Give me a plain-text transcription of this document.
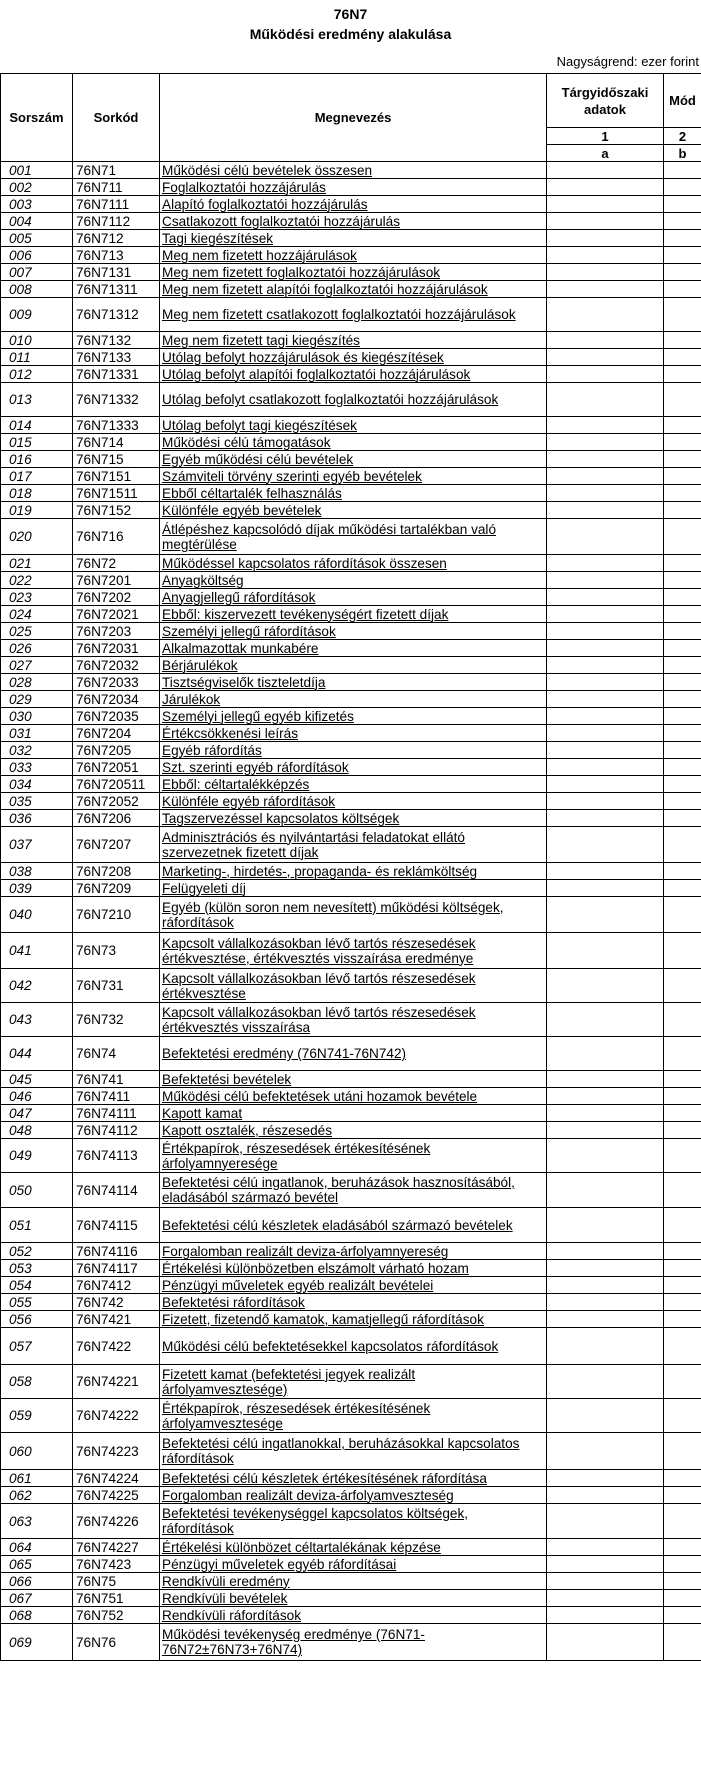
76N7
Működési eredmény alakulása
Nagyságrend: ezer forint
Sorszám	Sorkód	Megnevezés	Tárgyidőszaki adatok	Mód

			1	2
			a	b
001	76N71	Működési célú bevételek összesen		
002	76N711	Foglalkoztatói hozzájárulás		
003	76N7111	Alapító foglalkoztatói hozzájárulás		
004	76N7112	Csatlakozott foglalkoztatói hozzájárulás		
005	76N712	Tagi kiegészítések		
006	76N713	Meg nem fizetett hozzájárulások		
007	76N7131	Meg nem fizetett foglalkoztatói hozzájárulások		
008	76N71311	Meg nem fizetett alapítói foglalkoztatói hozzájárulások		
009	76N71312	Meg nem fizetett csatlakozott foglalkoztatói hozzájárulások		
010	76N7132	Meg nem fizetett tagi kiegészítés		
011	76N7133	Utólag befolyt hozzájárulások és kiegészítések		
012	76N71331	Utólag befolyt alapítói foglalkoztatói hozzájárulások		
013	76N71332	Utólag befolyt csatlakozott foglalkoztatói hozzájárulások		
014	76N71333	Utólag befolyt tagi kiegészítések		
015	76N714	Működési célú támogatások		
016	76N715	Egyéb működési célú bevételek		
017	76N7151	Számviteli törvény szerinti egyéb bevételek		
018	76N71511	Ebből céltartalék felhasználás		
019	76N7152	Különféle egyéb bevételek		
020	76N716	Átlépéshez kapcsolódó díjak működési tartalékban való megtérülése		
021	76N72	Működéssel kapcsolatos ráfordítások összesen		
022	76N7201	Anyagköltség		
023	76N7202	Anyagjellegű ráfordítások		
024	76N72021	Ebből: kiszervezett tevékenységért fizetett díjak		
025	76N7203	Személyi jellegű ráfordítások		
026	76N72031	Alkalmazottak munkabére		
027	76N72032	Bérjárulékok		
028	76N72033	Tisztségviselők tiszteletdíja		
029	76N72034	Járulékok		
030	76N72035	Személyi jellegű egyéb kifizetés		
031	76N7204	Értékcsökkenési leírás		
032	76N7205	Egyéb ráfordítás		
033	76N72051	Szt. szerinti egyéb ráfordítások		
034	76N720511	Ebből: céltartalékképzés		
035	76N72052	Különféle egyéb ráfordítások		
036	76N7206	Tagszervezéssel kapcsolatos költségek		
037	76N7207	Adminisztrációs és nyilvántartási feladatokat ellátó szervezetnek fizetett díjak		
038	76N7208	Marketing-, hirdetés-, propaganda- és reklámköltség		
039	76N7209	Felügyeleti díj		
040	76N7210	Egyéb (külön soron nem nevesített) működési költségek, ráfordítások		
041	76N73	Kapcsolt vállalkozásokban lévő tartós részesedések értékvesztése, értékvesztés visszaírása eredménye		
042	76N731	Kapcsolt vállalkozásokban lévő tartós részesedések értékvesztése		
043	76N732	Kapcsolt vállalkozásokban lévő tartós részesedések értékvesztés visszaírása		
044	76N74	Befektetési eredmény (76N741-76N742)		
045	76N741	Befektetési bevételek		
046	76N7411	Működési célú befektetések utáni hozamok bevétele		
047	76N74111	Kapott kamat		
048	76N74112	Kapott osztalék, részesedés		
049	76N74113	Értékpapírok, részesedések értékesítésének árfolyamnyeresége		
050	76N74114	Befektetési célú ingatlanok, beruházások hasznosításából, eladásából származó bevétel		
051	76N74115	Befektetési célú készletek eladásából származó bevételek		
052	76N74116	Forgalomban realizált deviza-árfolyamnyereség		
053	76N74117	Értékelési különbözetben elszámolt várható hozam		
054	76N7412	Pénzügyi műveletek egyéb realizált bevételei		
055	76N742	Befektetési ráfordítások		
056	76N7421	Fizetett, fizetendő kamatok, kamatjellegű ráfordítások		
057	76N7422	Működési célú befektetésekkel kapcsolatos ráfordítások		
058	76N74221	Fizetett kamat (befektetési jegyek realizált árfolyamvesztesége)		
059	76N74222	Értékpapírok, részesedések értékesítésének árfolyamvesztesége		
060	76N74223	Befektetési célú ingatlanokkal, beruházásokkal kapcsolatos ráfordítások		
061	76N74224	Befektetési célú készletek értékesítésének ráfordítása		
062	76N74225	Forgalomban realizált deviza-árfolyamveszteség		
063	76N74226	Befektetési tevékenységgel kapcsolatos költségek, ráfordítások		
064	76N74227	Értékelési különbözet céltartalékának képzése		
065	76N7423	Pénzügyi műveletek egyéb ráfordításai		
066	76N75	Rendkívüli eredmény		
067	76N751	Rendkívüli bevételek		
068	76N752	Rendkívüli ráfordítások		
069	76N76	Működési tevékenység eredménye (76N71-76N72±76N73+76N74)		
